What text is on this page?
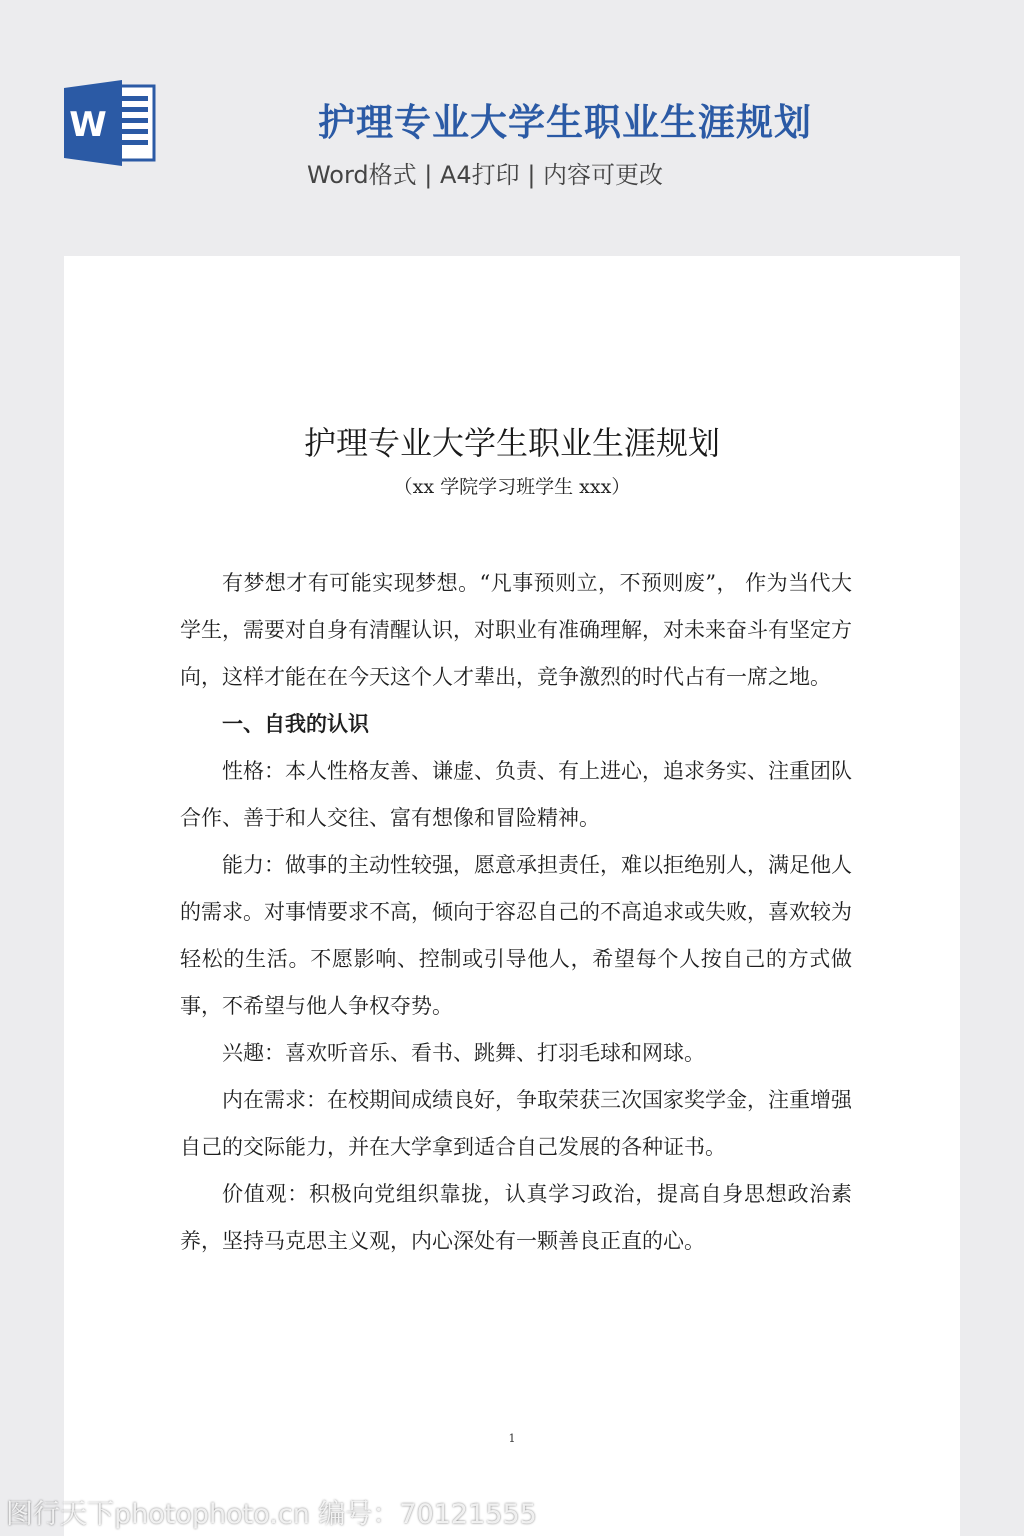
W	护理专业大学生职业生涯规划

Word格式 | A4打印 | 内容可更改

护理专业大学生职业生涯规划

（xx 学院学习班学生 xxx）

有梦想才有可能实现梦想。“凡事预则立，不预则废”， 作为当代大学生，需要对自身有清醒认识，对职业有准确理解，对未来奋斗有坚定方向，这样才能在在今天这个人才辈出，竞争激烈的时代占有一席之地。

一、自我的认识

性格：本人性格友善、谦虚、负责、有上进心，追求务实、注重团队合作、善于和人交往、富有想像和冒险精神。

能力：做事的主动性较强，愿意承担责任，难以拒绝别人，满足他人的需求。对事情要求不高，倾向于容忍自己的不高追求或失败，喜欢较为轻松的生活。不愿影响、控制或引导他人，希望每个人按自己的方式做事，不希望与他人争权夺势。

兴趣：喜欢听音乐、看书、跳舞、打羽毛球和网球。

内在需求：在校期间成绩良好，争取荣获三次国家奖学金，注重增强自己的交际能力，并在大学拿到适合自己发展的各种证书。

价值观：积极向党组织靠拢，认真学习政治，提高自身思想政治素养，坚持马克思主义观，内心深处有一颗善良正直的心。

1
图行天下photophoto.cn 编号：70121555
